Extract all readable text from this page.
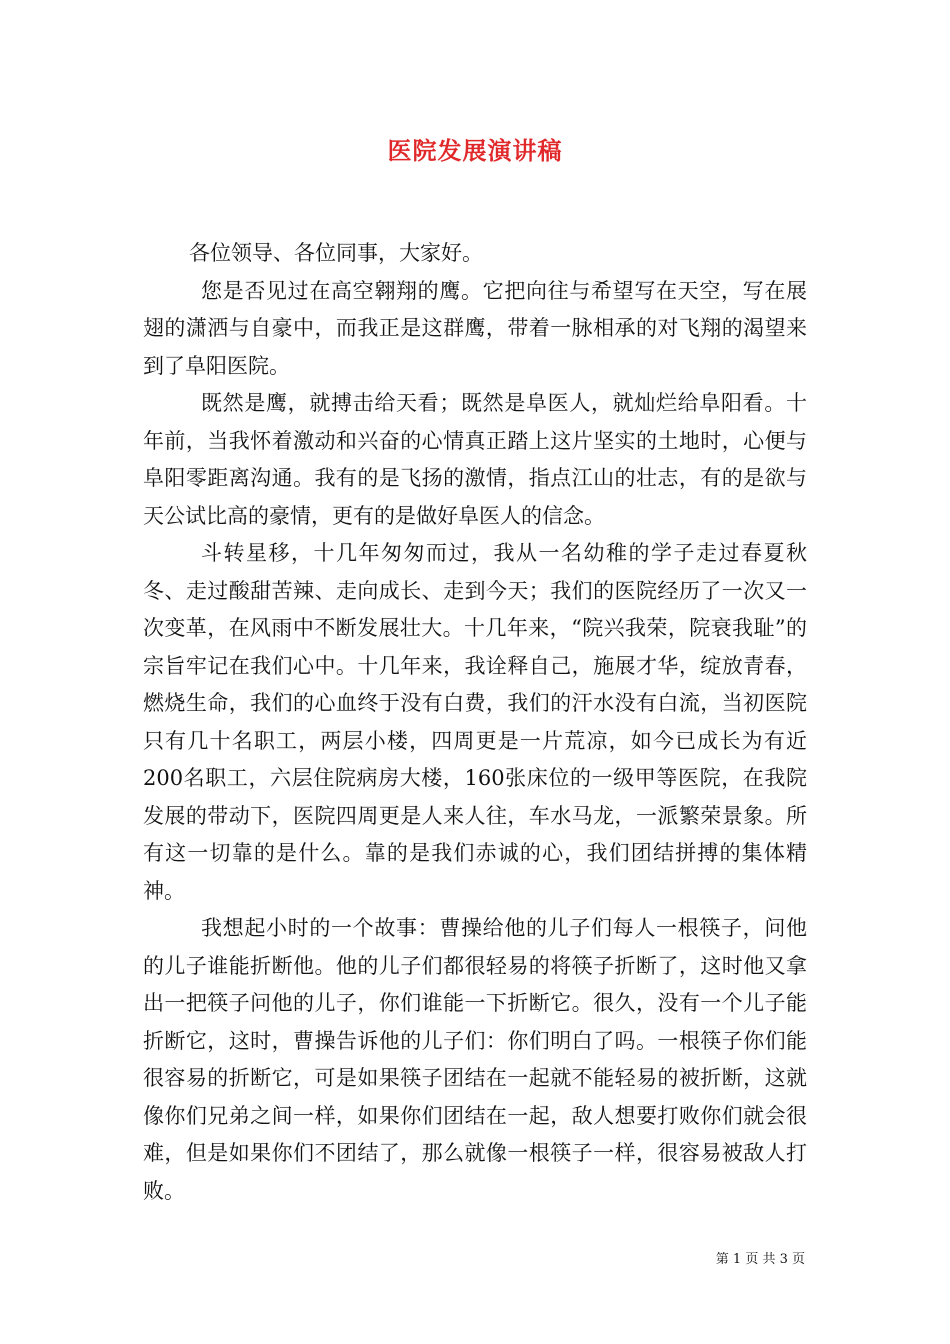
医院发展演讲稿

各位领导、各位同事，大家好。

您是否见过在高空翱翔的鹰。它把向往与希望写在天空，写在展翅的潇洒与自豪中，而我正是这群鹰，带着一脉相承的对飞翔的渴望来到了阜阳医院。

既然是鹰，就搏击给天看；既然是阜医人，就灿烂给阜阳看。十年前，当我怀着激动和兴奋的心情真正踏上这片坚实的土地时，心便与阜阳零距离沟通。我有的是飞扬的激情，指点江山的壮志，有的是欲与天公试比高的豪情，更有的是做好阜医人的信念。

斗转星移，十几年匆匆而过，我从一名幼稚的学子走过春夏秋冬、走过酸甜苦辣、走向成长、走到今天；我们的医院经历了一次又一次变革，在风雨中不断发展壮大。十几年来，“院兴我荣，院衰我耻”的宗旨牢记在我们心中。十几年来，我诠释自己，施展才华，绽放青春，燃烧生命，我们的心血终于没有白费，我们的汗水没有白流，当初医院只有几十名职工，两层小楼，四周更是一片荒凉，如今已成长为有近200名职工，六层住院病房大楼，160张床位的一级甲等医院，在我院发展的带动下，医院四周更是人来人往，车水马龙，一派繁荣景象。所有这一切靠的是什么。靠的是我们赤诚的心，我们团结拼搏的集体精神。

我想起小时的一个故事：曹操给他的儿子们每人一根筷子，问他的儿子谁能折断他。他的儿子们都很轻易的将筷子折断了，这时他又拿出一把筷子问他的儿子，你们谁能一下折断它。很久，没有一个儿子能折断它，这时，曹操告诉他的儿子们：你们明白了吗。一根筷子你们能很容易的折断它，可是如果筷子团结在一起就不能轻易的被折断，这就像你们兄弟之间一样，如果你们团结在一起，敌人想要打败你们就会很难，但是如果你们不团结了，那么就像一根筷子一样，很容易被敌人打败。

第 1 页 共 3 页
